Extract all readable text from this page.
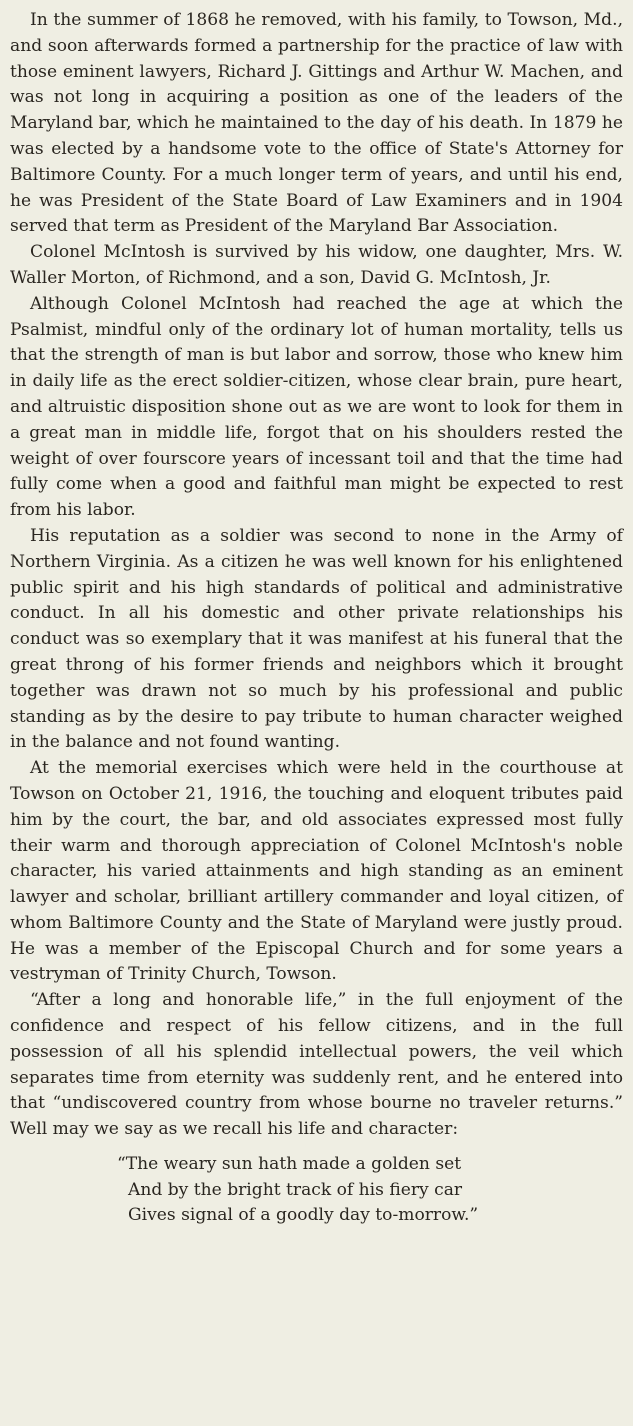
In the summer of 1868 he removed, with his family, to Towson, Md., and soon afterwards formed a partnership for the practice of law with those eminent lawyers, Richard J. Gittings and Arthur W. Machen, and was not long in acquiring a position as one of the leaders of the Maryland bar, which he maintained to the day of his death. In 1879 he was elected by a handsome vote to the office of State's Attorney for Baltimore County. For a much longer term of years, and until his end, he was President of the State Board of Law Examiners and in 1904 served that term as President of the Maryland Bar Association.

Colonel McIntosh is survived by his widow, one daughter, Mrs. W. Waller Morton, of Richmond, and a son, David G. McIntosh, Jr.

Although Colonel McIntosh had reached the age at which the Psalmist, mindful only of the ordinary lot of human mortality, tells us that the strength of man is but labor and sorrow, those who knew him in daily life as the erect soldier-citizen, whose clear brain, pure heart, and altruistic disposition shone out as we are wont to look for them in a great man in middle life, forgot that on his shoulders rested the weight of over fourscore years of incessant toil and that the time had fully come when a good and faithful man might be expected to rest from his labor.

His reputation as a soldier was second to none in the Army of Northern Virginia. As a citizen he was well known for his enlightened public spirit and his high standards of political and administrative conduct. In all his domestic and other private relationships his conduct was so exemplary that it was manifest at his funeral that the great throng of his former friends and neighbors which it brought together was drawn not so much by his professional and public standing as by the desire to pay tribute to human character weighed in the balance and not found wanting.

At the memorial exercises which were held in the courthouse at Towson on October 21, 1916, the touching and eloquent tributes paid him by the court, the bar, and old associates expressed most fully their warm and thorough appreciation of Colonel McIntosh's noble character, his varied attainments and high standing as an eminent lawyer and scholar, brilliant artillery commander and loyal citizen, of whom Baltimore County and the State of Maryland were justly proud. He was a member of the Episcopal Church and for some years a vestryman of Trinity Church, Towson.

“After a long and honorable life,” in the full enjoyment of the confidence and respect of his fellow citizens, and in the full possession of all his splendid intellectual powers, the veil which separates time from eternity was suddenly rent, and he entered into that “undiscovered country from whose bourne no traveler returns.” Well may we say as we recall his life and character:

“The weary sun hath made a golden set
And by the bright track of his fiery car
Gives signal of a goodly day to-morrow.”
